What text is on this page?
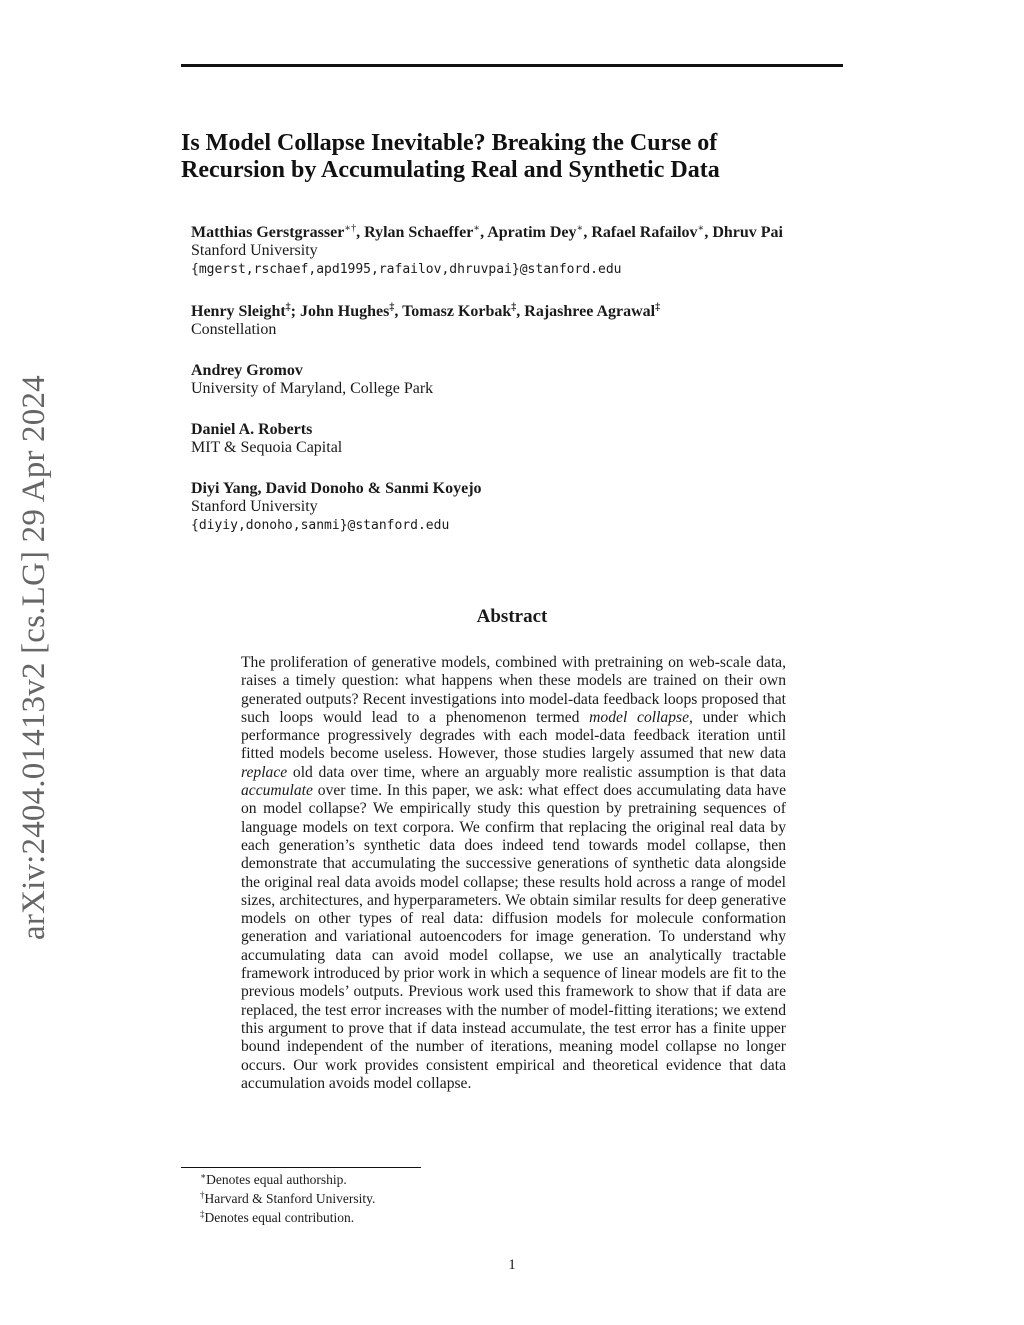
arXiv:2404.01413v2 [cs.LG] 29 Apr 2024
Is Model Collapse Inevitable? Breaking the Curse of
Recursion by Accumulating Real and Synthetic Data
Matthias Gerstgrasser∗†, Rylan Schaeffer∗, Apratim Dey∗, Rafael Rafailov∗, Dhruv Pai
Stanford University
{mgerst,rschaef,apd1995,rafailov,dhruvpai}@stanford.edu
Henry Sleight‡; John Hughes‡, Tomasz Korbak‡, Rajashree Agrawal‡
Constellation
Andrey Gromov
University of Maryland, College Park
Daniel A. Roberts
MIT & Sequoia Capital
Diyi Yang, David Donoho & Sanmi Koyejo
Stanford University
{diyiy,donoho,sanmi}@stanford.edu
Abstract

The proliferation of generative models, combined with pretraining on web-scale data, raises a timely question: what happens when these models are trained on their own generated outputs? Recent investigations into model-data feedback loops proposed that such loops would lead to a phenomenon termed model collapse, under which performance progressively degrades with each model-data feedback iteration until fitted models become useless. However, those studies largely assumed that new data replace old data over time, where an arguably more realistic assumption is that data accumulate over time. In this paper, we ask: what effect does accumulating data have on model collapse? We empirically study this question by pretraining sequences of language models on text corpora. We confirm that replacing the original real data by each generation’s synthetic data does indeed tend towards model collapse, then demonstrate that accumulating the successive generations of synthetic data alongside the original real data avoids model collapse; these results hold across a range of model sizes, architectures, and hyperparameters. We obtain similar results for deep generative models on other types of real data: diffusion models for molecule conformation generation and variational autoencoders for image generation. To understand why accumulating data can avoid model collapse, we use an analytically tractable framework introduced by prior work in which a sequence of linear models are fit to the previous models’ outputs. Previous work used this framework to show that if data are replaced, the test error increases with the number of model-fitting iterations; we extend this argument to prove that if data instead accumulate, the test error has a finite upper bound independent of the number of iterations, meaning model collapse no longer occurs. Our work provides consistent empirical and theoretical evidence that data accumulation avoids model collapse.

∗Denotes equal authorship.
†Harvard & Stanford University.
‡Denotes equal contribution.
1
